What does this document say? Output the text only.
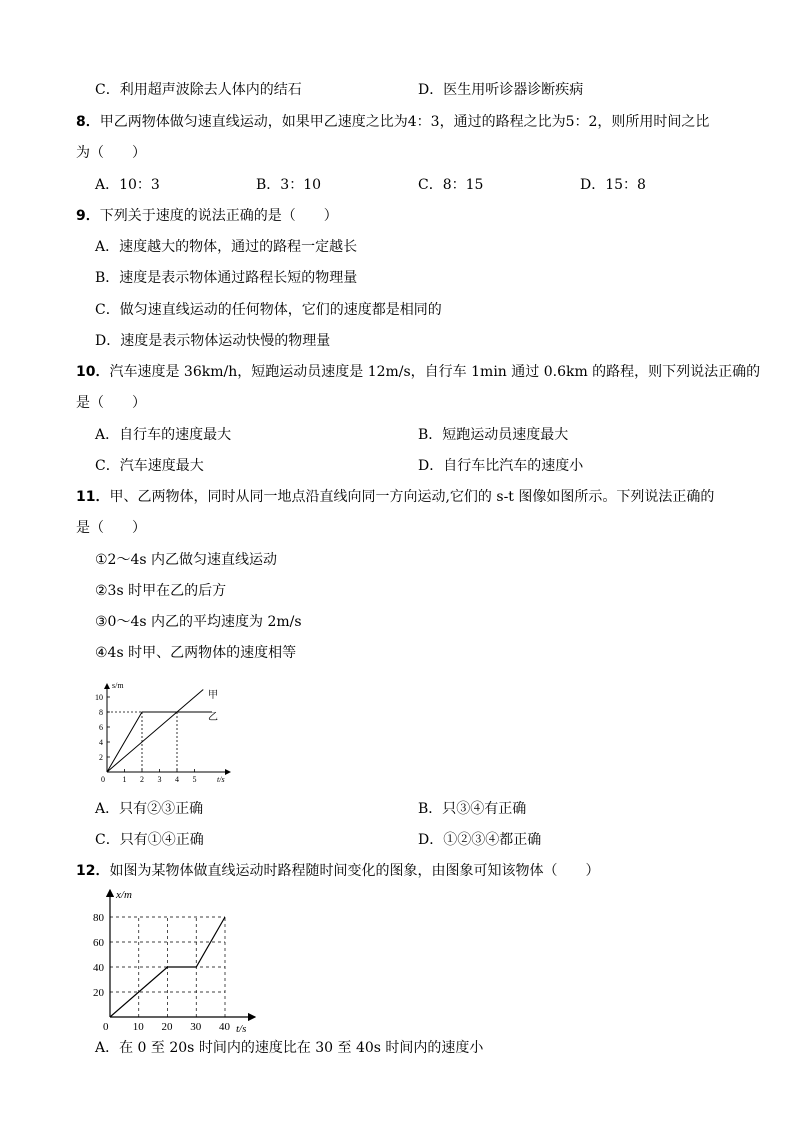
C．利用超声波除去人体内的结石	D．医生用听诊器诊断疾病
8．甲乙两物体做匀速直线运动，如果甲乙速度之比为4：3，通过的路程之比为5：2，则所用时间之比
为（　　）
A．10：3	B．3：10	C．8：15	D．15：8
9．下列关于速度的说法正确的是（　　）
A．速度越大的物体，通过的路程一定越长
B．速度是表示物体通过路程长短的物理量
C．做匀速直线运动的任何物体，它们的速度都是相同的
D．速度是表示物体运动快慢的物理量
10．汽车速度是 36km/h，短跑运动员速度是 12m/s，自行车 1min 通过 0.6km 的路程，则下列说法正确的
是（　　）
A．自行车的速度最大	B．短跑运动员速度最大
C．汽车速度最大	D．自行车比汽车的速度小
11．甲、乙两物体，同时从同一地点沿直线向同一方向运动,它们的 s-t 图像如图所示。下列说法正确的
是（　　）
①2～4s 内乙做匀速直线运动
②3s 时甲在乙的后方
③0～4s 内乙的平均速度为 2m/s
④4s 时甲、乙两物体的速度相等
s/m
t/s
0 1 2 3 4 5
2
4
6
8
10	甲
乙
A．只有②③正确	B．只③④有正确
C．只有①④正确	D．①②③④都正确
12．如图为某物体做直线运动时路程随时间变化的图象，由图象可知该物体（　　）
x/m
t/s
0 10 20 30 40
20
40
60
80
A．在 0 至 20s 时间内的速度比在 30 至 40s 时间内的速度小
